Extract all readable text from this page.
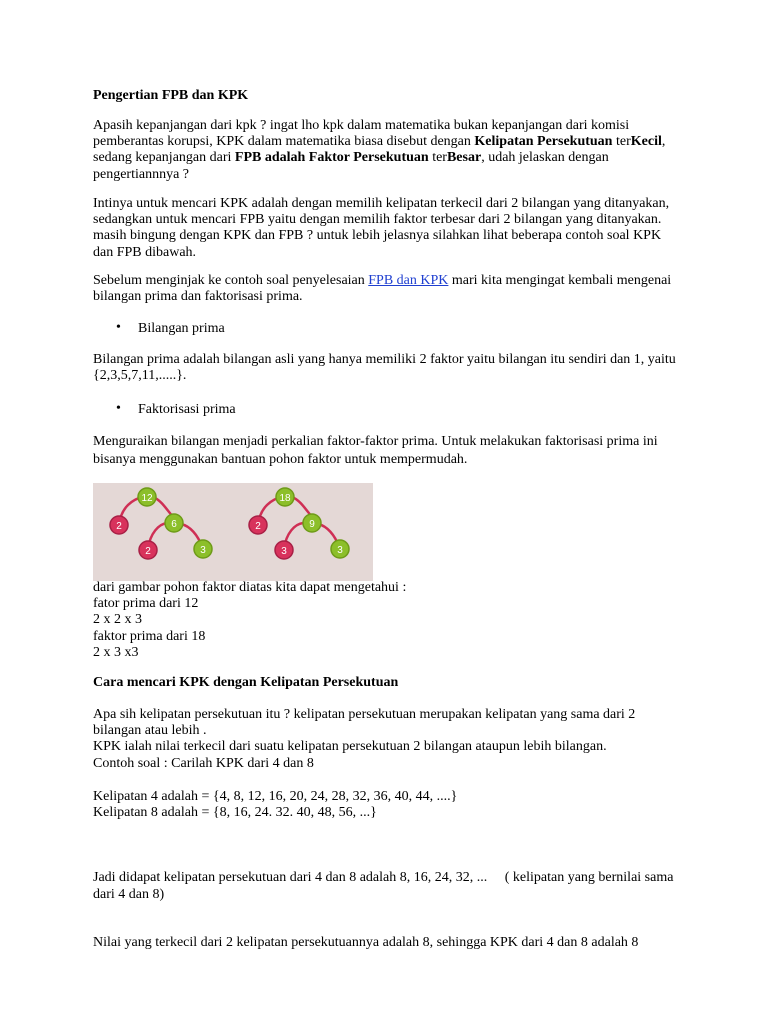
Pengertian FPB dan KPK
Apasih kepanjangan dari kpk ? ingat lho kpk dalam matematika bukan kepanjangan dari komisi pemberantas korupsi, KPK dalam matematika biasa disebut dengan Kelipatan Persekutuan terKecil, sedang kepanjangan dari FPB adalah Faktor Persekutuan terBesar, udah jelaskan dengan pengertiannnya ?
Intinya untuk mencari KPK adalah dengan memilih kelipatan terkecil dari 2 bilangan yang ditanyakan, sedangkan untuk mencari FPB yaitu dengan memilih faktor terbesar dari 2 bilangan yang ditanyakan. masih bingung dengan KPK dan FPB ? untuk lebih jelasnya silahkan lihat beberapa contoh soal KPK dan FPB dibawah.
Sebelum menginjak ke contoh soal penyelesaian FPB dan KPK mari kita mengingat kembali mengenai bilangan prima dan faktorisasi prima.
• Bilangan prima
Bilangan prima adalah bilangan asli yang hanya memiliki 2 faktor yaitu bilangan itu sendiri dan 1, yaitu {2,3,5,7,11,.....}.
• Faktorisasi prima
Menguraikan bilangan menjadi perkalian faktor-faktor prima. Untuk melakukan faktorisasi prima ini bisanya menggunakan bantuan pohon faktor untuk mempermudah.
12
2	6
2	3
18
2	9
3	3
dari gambar pohon faktor diatas kita dapat mengetahui :
fator prima dari 12
2 x 2 x 3
faktor prima dari 18
2 x 3 x3
Cara mencari KPK dengan Kelipatan Persekutuan
Apa sih kelipatan persekutuan itu ? kelipatan persekutuan merupakan kelipatan yang sama dari 2 bilangan atau lebih .
KPK ialah nilai terkecil dari suatu kelipatan persekutuan 2 bilangan ataupun lebih bilangan.
Contoh soal : Carilah KPK dari 4 dan 8
Kelipatan 4 adalah = {4, 8, 12, 16, 20, 24, 28, 32, 36, 40, 44, ....}
Kelipatan 8 adalah = {8, 16, 24. 32. 40, 48, 56, ...}

Jadi didapat kelipatan persekutuan dari 4 dan 8 adalah 8, 16, 24, 32, ...     ( kelipatan yang bernilai sama dari 4 dan 8)

Nilai yang terkecil dari 2 kelipatan persekutuannya adalah 8, sehingga KPK dari 4 dan 8 adalah 8
